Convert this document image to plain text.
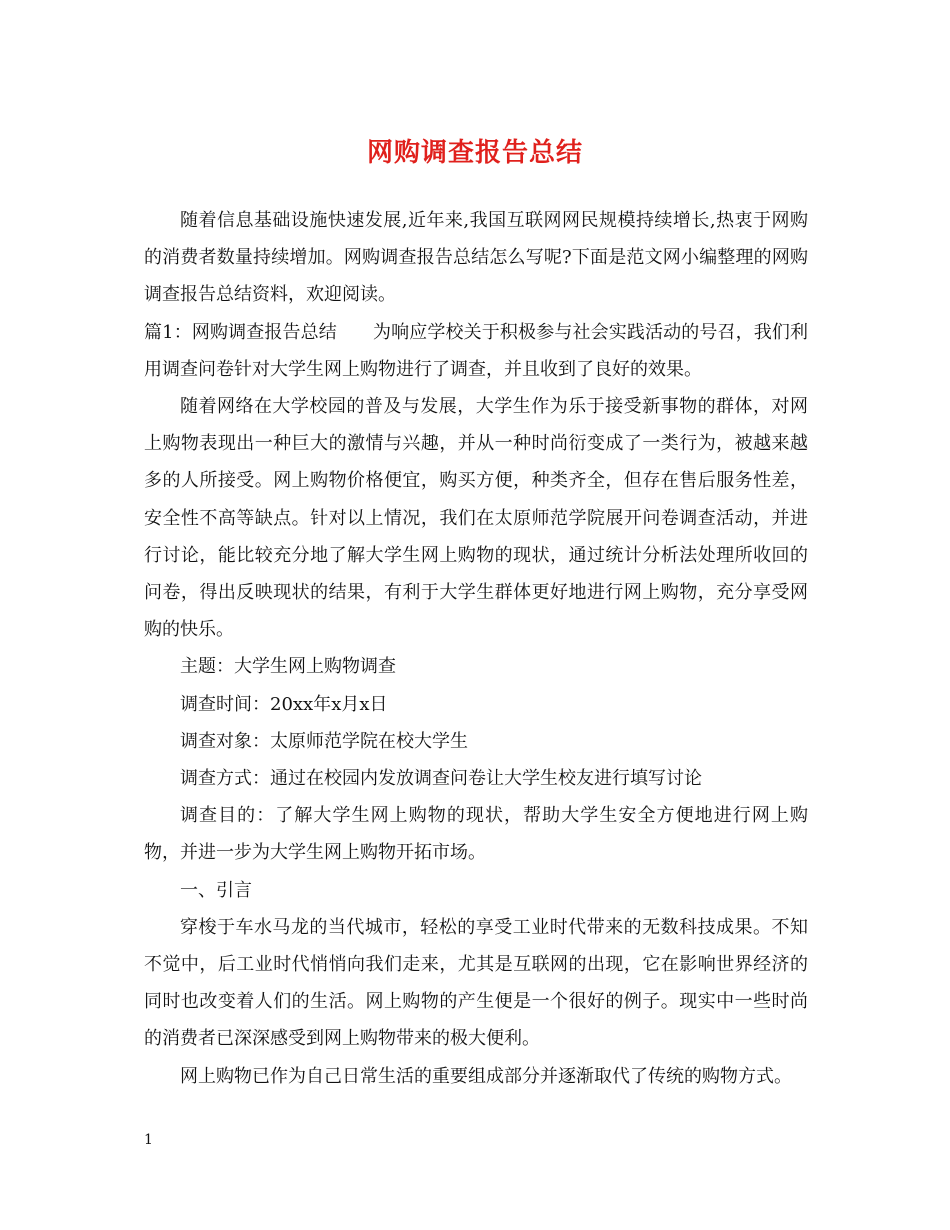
网购调查报告总结

随着信息基础设施快速发展,近年来,我国互联网网民规模持续增长,热衷于网购的消费者数量持续增加。网购调查报告总结怎么写呢?下面是范文网小编整理的网购调查报告总结资料，欢迎阅读。

篇1：网购调查报告总结 为响应学校关于积极参与社会实践活动的号召，我们利用调查问卷针对大学生网上购物进行了调查，并且收到了良好的效果。

随着网络在大学校园的普及与发展，大学生作为乐于接受新事物的群体，对网上购物表现出一种巨大的激情与兴趣，并从一种时尚衍变成了一类行为，被越来越多的人所接受。网上购物价格便宜，购买方便，种类齐全，但存在售后服务性差，安全性不高等缺点。针对以上情况，我们在太原师范学院展开问卷调查活动，并进行讨论，能比较充分地了解大学生网上购物的现状，通过统计分析法处理所收回的问卷，得出反映现状的结果，有利于大学生群体更好地进行网上购物，充分享受网购的快乐。

主题：大学生网上购物调查

调查时间：20xx年x月x日

调查对象：太原师范学院在校大学生

调查方式：通过在校园内发放调查问卷让大学生校友进行填写讨论

调查目的：了解大学生网上购物的现状，帮助大学生安全方便地进行网上购物，并进一步为大学生网上购物开拓市场。

一、引言

穿梭于车水马龙的当代城市，轻松的享受工业时代带来的无数科技成果。不知不觉中，后工业时代悄悄向我们走来，尤其是互联网的出现，它在影响世界经济的同时也改变着人们的生活。网上购物的产生便是一个很好的例子。现实中一些时尚的消费者已深深感受到网上购物带来的极大便利。

网上购物已作为自己日常生活的重要组成部分并逐渐取代了传统的购物方式。

1
